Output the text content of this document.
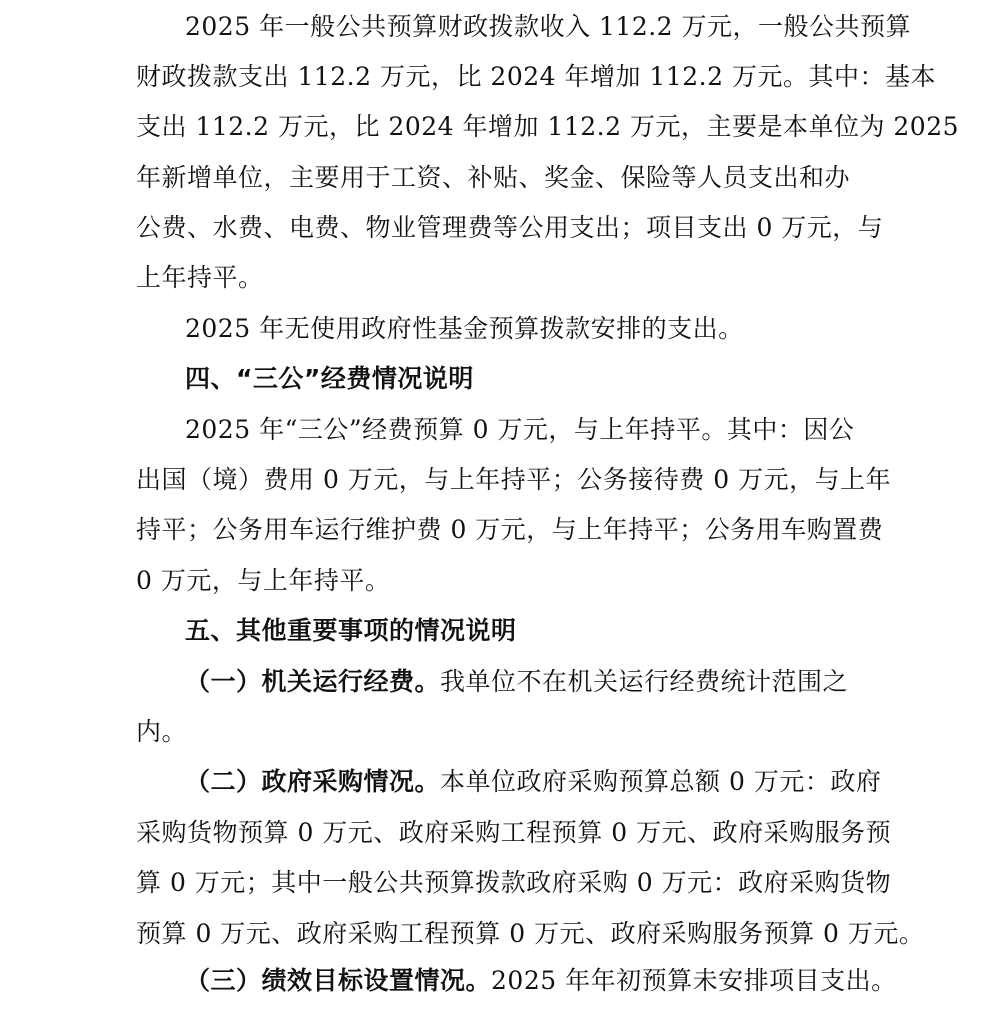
2025 年一般公共预算财政拨款收入 112.2 万元，一般公共预算
财政拨款支出 112.2 万元，比 2024 年增加 112.2 万元。其中：基本
支出 112.2 万元，比 2024 年增加 112.2 万元，主要是本单位为 2025
年新增单位，主要用于工资、补贴、奖金、保险等人员支出和办
公费、水费、电费、物业管理费等公用支出；项目支出 0 万元，与
上年持平。
2025 年无使用政府性基金预算拨款安排的支出。
四、“三公”经费情况说明
2025 年“三公”经费预算 0 万元，与上年持平。其中：因公
出国（境）费用 0 万元，与上年持平；公务接待费 0 万元，与上年
持平；公务用车运行维护费 0 万元，与上年持平；公务用车购置费
0 万元，与上年持平。
五、其他重要事项的情况说明
（一）机关运行经费。我单位不在机关运行经费统计范围之
内。
（二）政府采购情况。本单位政府采购预算总额 0 万元：政府
采购货物预算 0 万元、政府采购工程预算 0 万元、政府采购服务预
算 0 万元；其中一般公共预算拨款政府采购 0 万元：政府采购货物
预算 0 万元、政府采购工程预算 0 万元、政府采购服务预算 0 万元。
（三）绩效目标设置情况。2025 年年初预算未安排项目支出。
